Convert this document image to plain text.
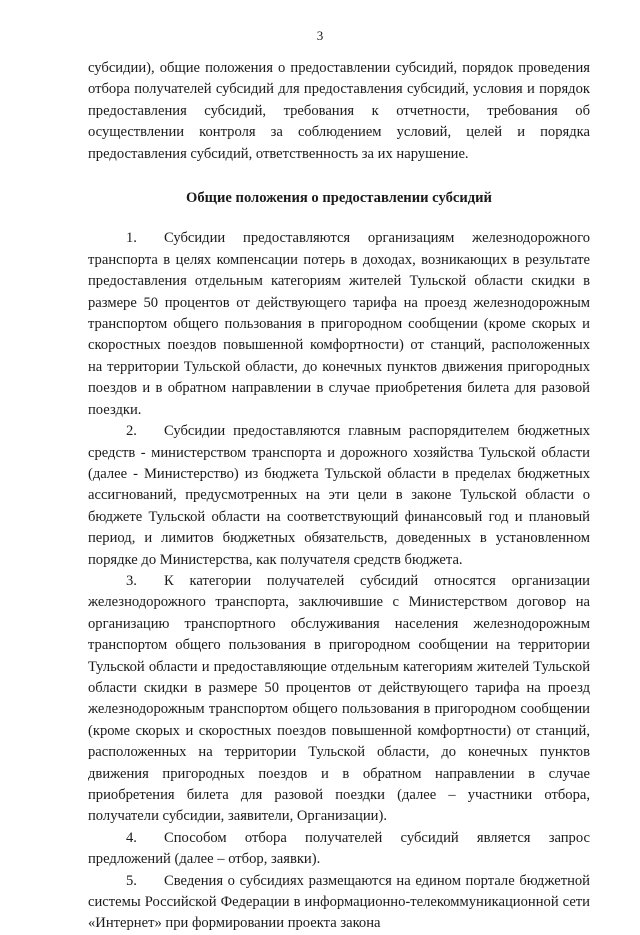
3

субсидии), общие положения о предоставлении субсидий, порядок проведения отбора получателей субсидий для предоставления субсидий, условия и порядок предоставления субсидий, требования к отчетности, требования об осуществлении контроля за соблюдением условий, целей и порядка предоставления субсидий, ответственность за их нарушение.

Общие положения о предоставлении субсидий

1. Субсидии предоставляются организациям железнодорожного транспорта в целях компенсации потерь в доходах, возникающих в результате предоставления отдельным категориям жителей Тульской области скидки в размере 50 процентов от действующего тарифа на проезд железнодорожным транспортом общего пользования в пригородном сообщении (кроме скорых и скоростных поездов повышенной комфортности) от станций, расположенных на территории Тульской области, до конечных пунктов движения пригородных поездов и в обратном направлении в случае приобретения билета для разовой поездки.

2. Субсидии предоставляются главным распорядителем бюджетных средств - министерством транспорта и дорожного хозяйства Тульской области (далее - Министерство) из бюджета Тульской области в пределах бюджетных ассигнований, предусмотренных на эти цели в законе Тульской области о бюджете Тульской области на соответствующий финансовый год и плановый период, и лимитов бюджетных обязательств, доведенных в установленном порядке до Министерства, как получателя средств бюджета.

3. К категории получателей субсидий относятся организации железнодорожного транспорта, заключившие с Министерством договор на организацию транспортного обслуживания населения железнодорожным транспортом общего пользования в пригородном сообщении на территории Тульской области и предоставляющие отдельным категориям жителей Тульской области скидки в размере 50 процентов от действующего тарифа на проезд железнодорожным транспортом общего пользования в пригородном сообщении (кроме скорых и скоростных поездов повышенной комфортности) от станций, расположенных на территории Тульской области, до конечных пунктов движения пригородных поездов и в обратном направлении в случае приобретения билета для разовой поездки (далее – участники отбора, получатели субсидии, заявители, Организации).

4. Способом отбора получателей субсидий является запрос предложений (далее – отбор, заявки).

5. Сведения о субсидиях размещаются на едином портале бюджетной системы Российской Федерации в информационно-телекоммуникационной сети «Интернет» при формировании проекта закона
